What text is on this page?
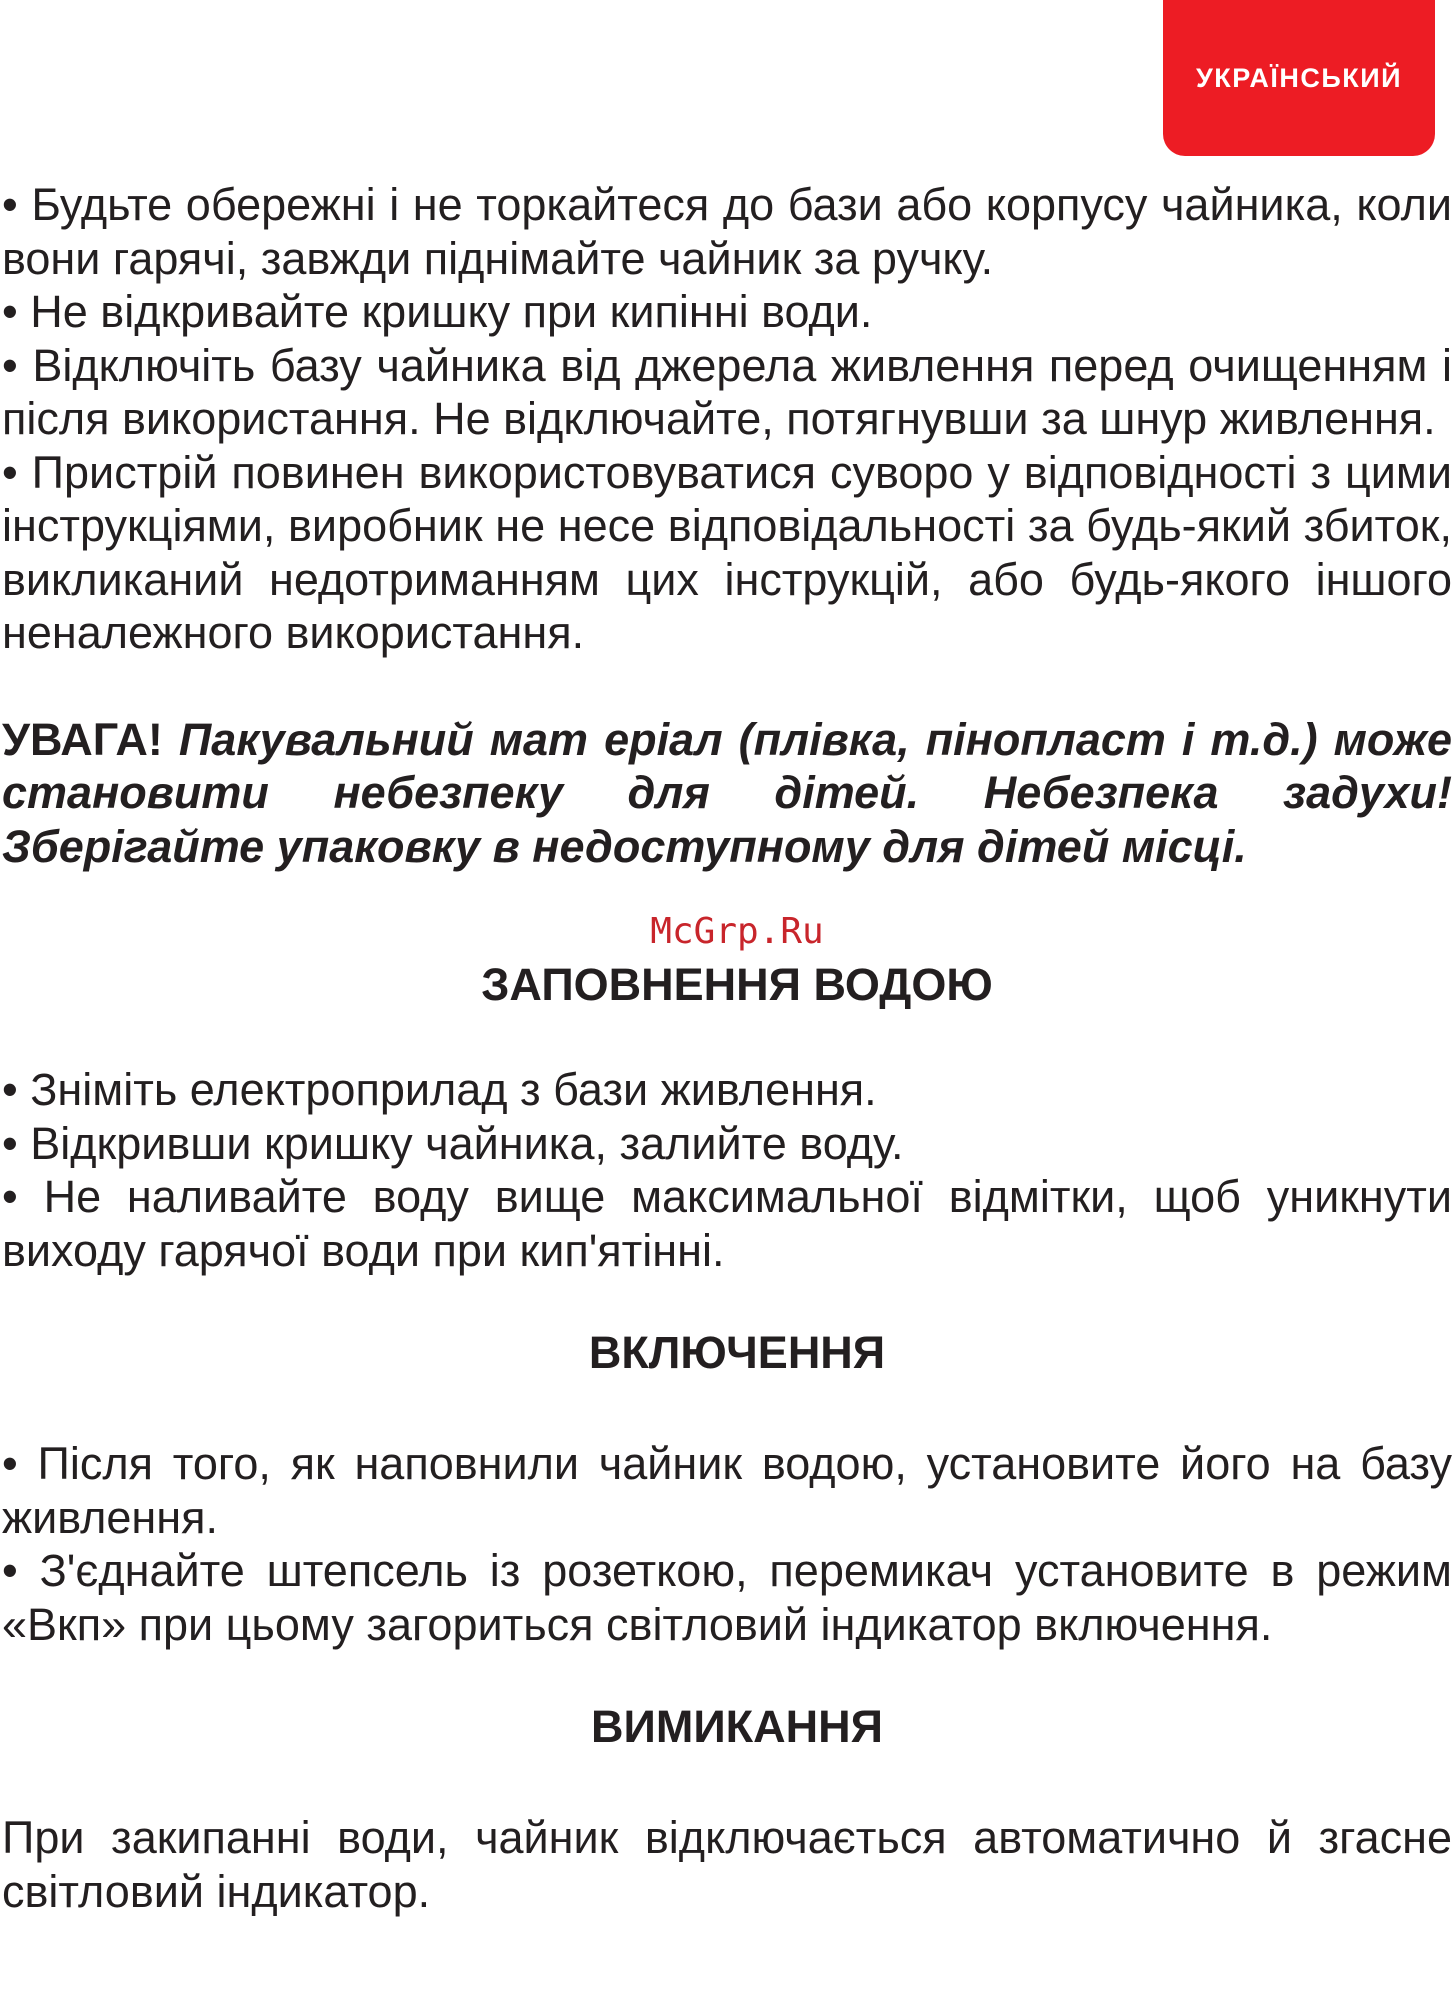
УКРАЇНСЬКИЙ

• Будьте обережні і не торкайтеся до бази або корпусу чайника, коли вони гарячі, завжди піднімайте чайник за ручку.

• Не відкривайте кришку при кипінні води.

• Відключіть базу чайника від джерела живлення перед очищенням і після використання. Не відключайте, потягнувши за шнур живлення.

• Пристрій повинен використовуватися суворо у відповідності з цими інструкціями, виробник не несе відповідальності за будь-який збиток, викликаний недотриманням цих інструкцій, або будь-якого іншого неналежного використання.

УВАГА! Пакувальний мат еріал (плівка, пінопласт і т.д.) може становити небезпеку для дітей. Небезпека задухи! Зберігайте упаковку в недоступному для дітей місці.

McGrp.Ru

ЗАПОВНЕННЯ ВОДОЮ

• Зніміть електроприлад з бази живлення.

• Відкривши кришку чайника, залийте воду.

• Не наливайте воду вище максимальної відмітки, щоб уникнути виходу гарячої води при кип'ятінні.

ВКЛЮЧЕННЯ

• Після того, як наповнили чайник водою, установите його на базу живлення.

• З'єднайте штепсель із розеткою, перемикач установите в режим «Вкп» при цьому загориться світловий індикатор включення.

ВИМИКАННЯ

При закипанні води, чайник відключається автоматично й згасне світловий індикатор.
